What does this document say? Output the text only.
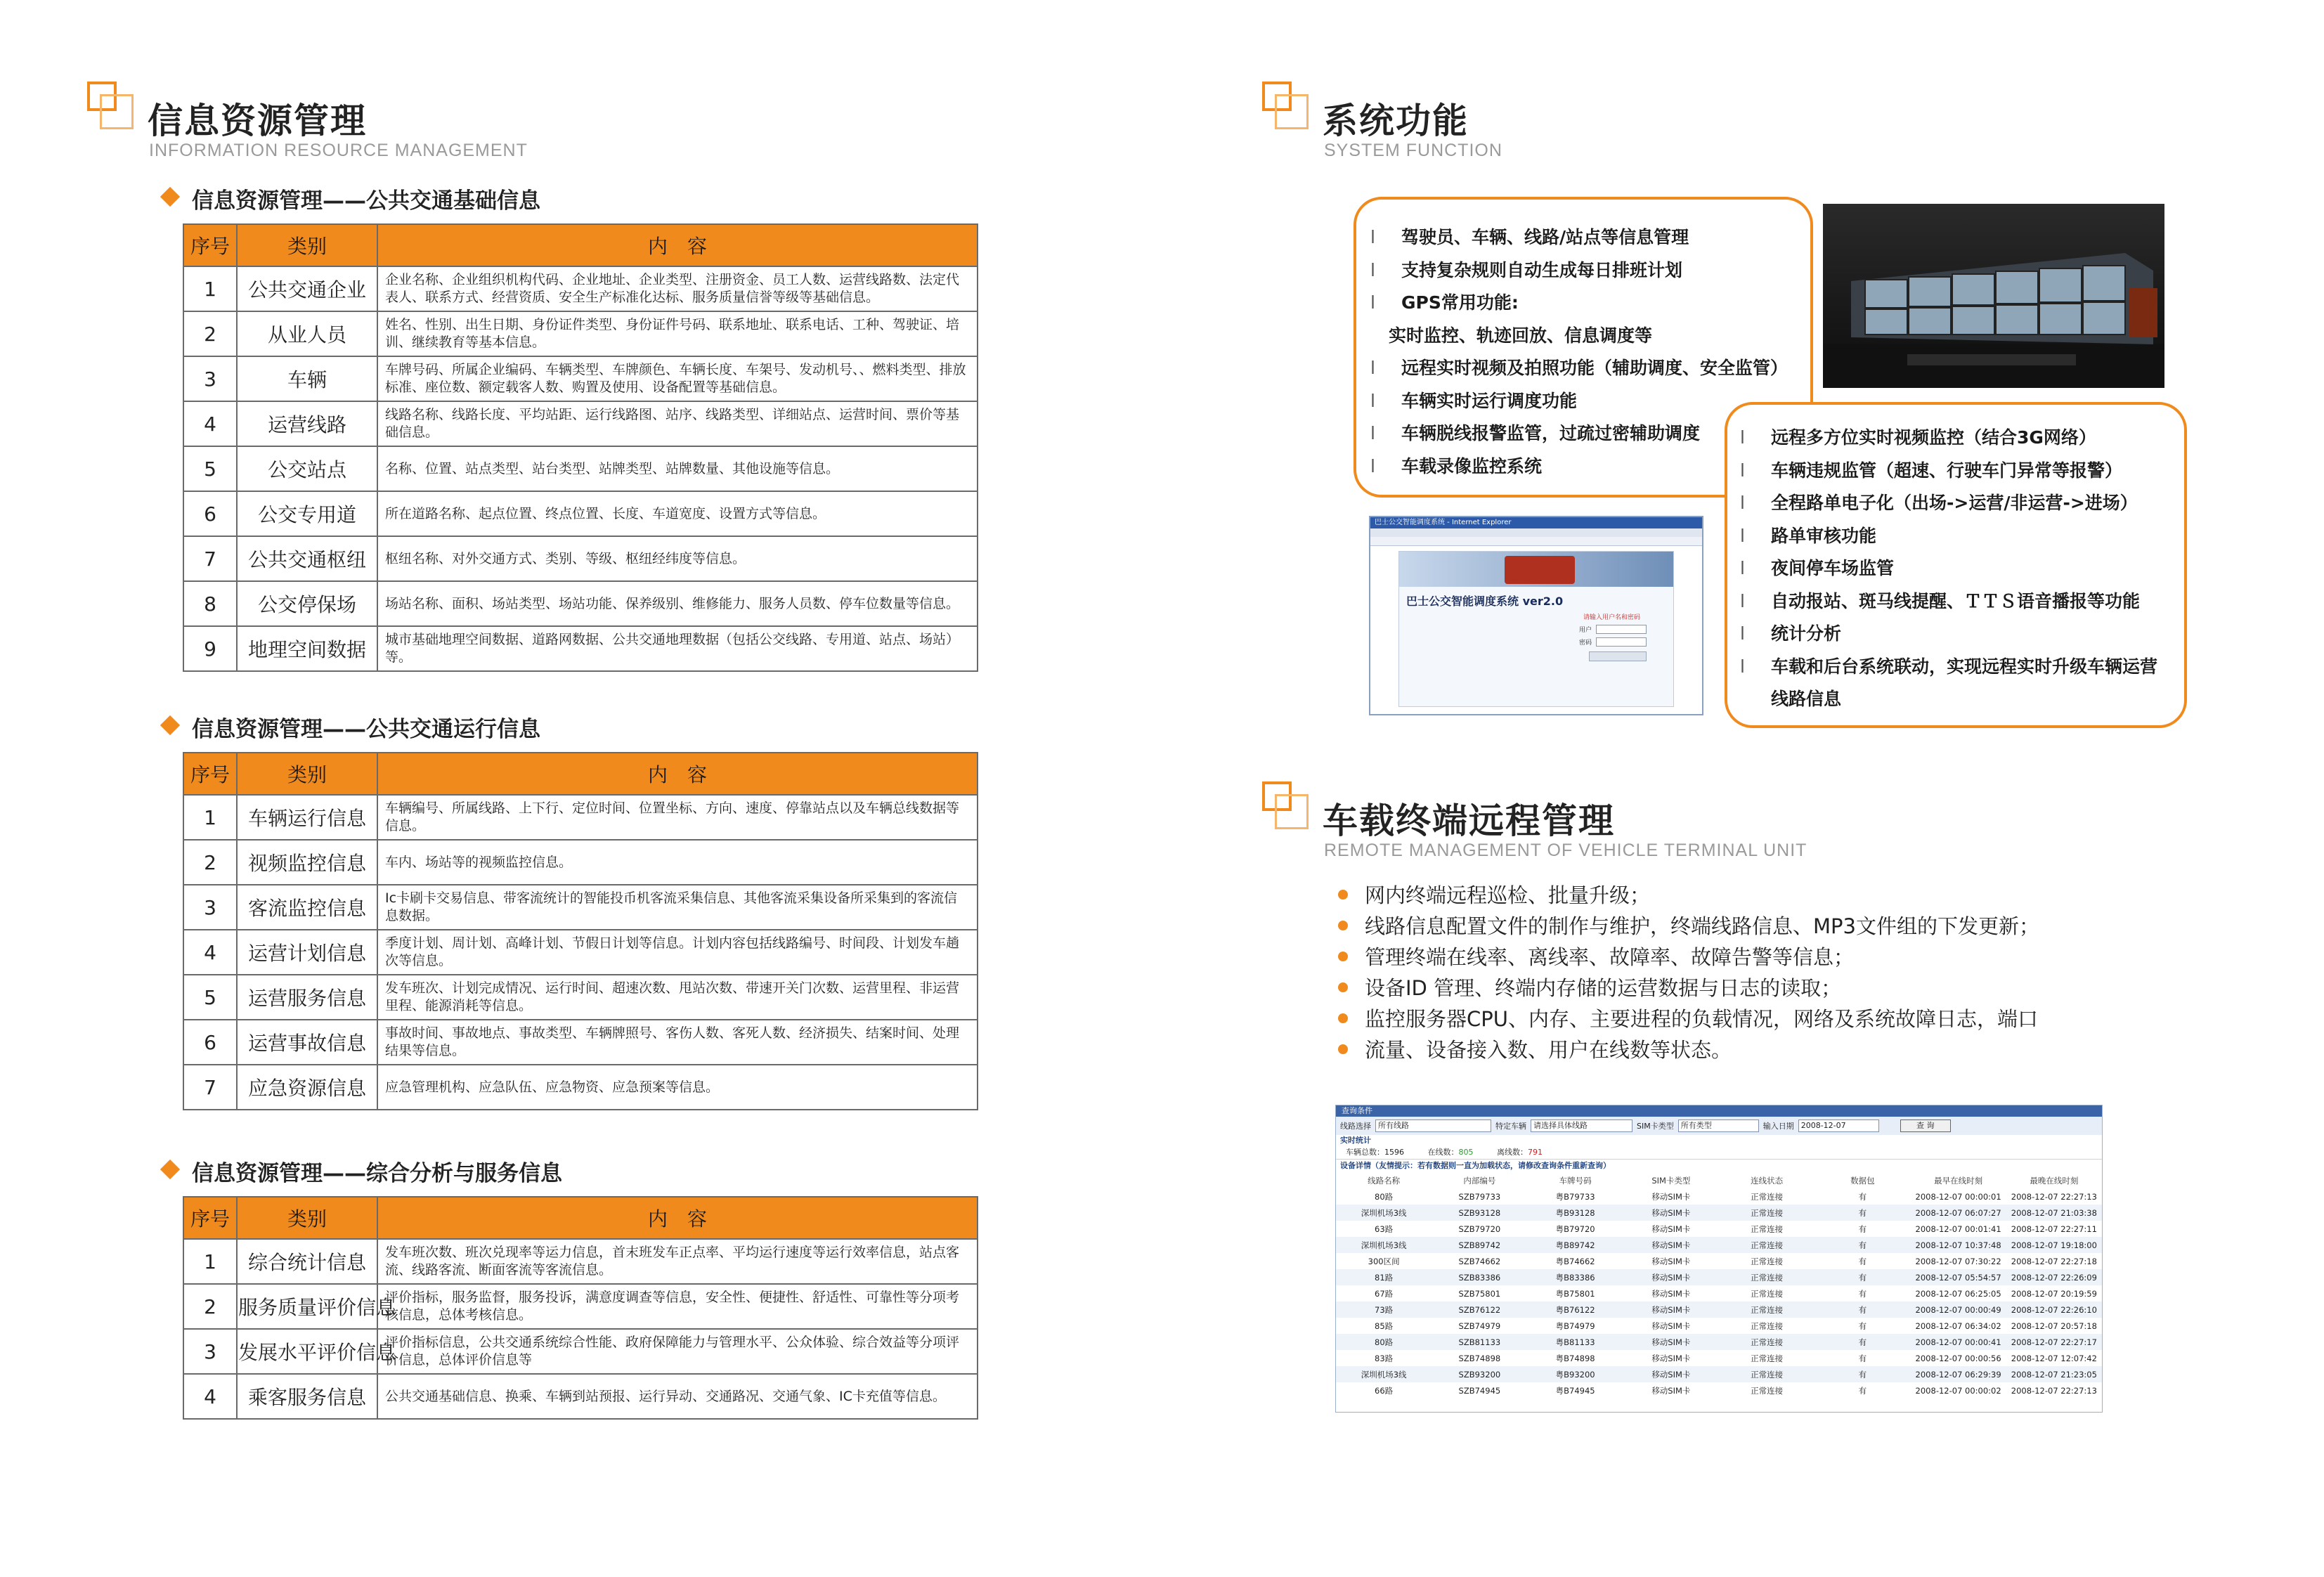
信息资源管理
INFORMATION RESOURCE MANAGEMENT
信息资源管理——公共交通基础信息
序号	类别	内　容
1	公共交通企业	企业名称、企业组织机构代码、企业地址、企业类型、注册资金、员工人数、运营线路数、法定代表人、联系方式、经营资质、安全生产标准化达标、服务质量信誉等级等基础信息。
2	从业人员	姓名、性别、出生日期、身份证件类型、身份证件号码、联系地址、联系电话、工种、驾驶证、培训、继续教育等基本信息。
3	车辆	车牌号码、所属企业编码、车辆类型、车牌颜色、车辆长度、车架号、发动机号、、燃料类型、排放标准、座位数、额定载客人数、购置及使用、设备配置等基础信息。
4	运营线路	线路名称、线路长度、平均站距、运行线路图、站序、线路类型、详细站点、运营时间、票价等基础信息。
5	公交站点	名称、位置、站点类型、站台类型、站牌类型、站牌数量、其他设施等信息。
6	公交专用道	所在道路名称、起点位置、终点位置、长度、车道宽度、设置方式等信息。
7	公共交通枢纽	枢纽名称、对外交通方式、类别、等级、枢纽经纬度等信息。
8	公交停保场	场站名称、面积、场站类型、场站功能、保养级别、维修能力、服务人员数、停车位数量等信息。
9	地理空间数据	城市基础地理空间数据、道路网数据、公共交通地理数据（包括公交线路、专用道、站点、场站）等。
信息资源管理——公共交通运行信息
序号	类别	内　容
1	车辆运行信息	车辆编号、所属线路、上下行、定位时间、位置坐标、方向、速度、停靠站点以及车辆总线数据等信息。
2	视频监控信息	车内、场站等的视频监控信息。
3	客流监控信息	Ic卡刷卡交易信息、带客流统计的智能投币机客流采集信息、其他客流采集设备所采集到的客流信息数据。
4	运营计划信息	季度计划、周计划、高峰计划、节假日计划等信息。计划内容包括线路编号、时间段、计划发车趟次等信息。
5	运营服务信息	发车班次、计划完成情况、运行时间、超速次数、甩站次数、带速开关门次数、运营里程、非运营里程、能源消耗等信息。
6	运营事故信息	事故时间、事故地点、事故类型、车辆牌照号、客伤人数、客死人数、经济损失、结案时间、处理结果等信息。
7	应急资源信息	应急管理机构、应急队伍、应急物资、应急预案等信息。
信息资源管理——综合分析与服务信息
序号	类别	内　容
1	综合统计信息	发车班次数、班次兑现率等运力信息，首末班发车正点率、平均运行速度等运行效率信息，站点客流、线路客流、断面客流等客流信息。
2	服务质量评价信息	评价指标，服务监督，服务投诉，满意度调查等信息，安全性、便捷性、舒适性、可靠性等分项考核信息，总体考核信息。
3	发展水平评价信息	评价指标信息，公共交通系统综合性能、政府保障能力与管理水平、公众体验、综合效益等分项评价信息，总体评价信息等
4	乘客服务信息	公共交通基础信息、换乘、车辆到站预报、运行异动、交通路况、交通气象、IC卡充值等信息。
系统功能
SYSTEM FUNCTION
l 驾驶员、车辆、线路/站点等信息管理
l 支持复杂规则自动生成每日排班计划
l GPS常用功能:
实时监控、轨迹回放、信息调度等
l 远程实时视频及拍照功能（辅助调度、安全监管）
l 车辆实时运行调度功能
l 车辆脱线报警监管，过疏过密辅助调度
l 车载录像监控系统
l 远程多方位实时视频监控（结合3G网络）
l 车辆违规监管（超速、行驶车门异常等报警）
l 全程路单电子化（出场->运营/非运营->进场）
l 路单审核功能
l 夜间停车场监管
l 自动报站、斑马线提醒、ＴＴＳ语音播报等功能
l 统计分析
l 车载和后台系统联动，实现远程实时升级车辆运营
线路信息
巴士公交智能调度系统 - Internet Explorer
巴士公交智能调度系统 ver2.0
请输入用户名和密码
用户
密码
车载终端远程管理
REMOTE MANAGEMENT OF VEHICLE TERMINAL UNIT
网内终端远程巡检、批量升级；
线路信息配置文件的制作与维护，终端线路信息、MP3文件组的下发更新；
管理终端在线率、离线率、故障率、故障告警等信息；
设备ID 管理、终端内存储的运营数据与日志的读取；
监控服务器CPU、内存、主要进程的负载情况，网络及系统故障日志，端口
流量、设备接入数、用户在线数等状态。
查询条件
线路选择 所有线路	特定车辆 请选择具体线路	SIM卡类型 所有类型	输入日期 2008-12-07	查 询
实时统计
车辆总数：1596	在线数：805	离线数：791
设备详情（友情提示：若有数据则一直为加载状态，请修改查询条件重新查询）
线路名称	内部编号	车牌号码	SIM卡类型	连线状态	数据包	最早在线时刻	最晚在线时刻
80路	SZB79733	粤B79733	移动SIM卡	正常连接	有	2008-12-07 00:00:01	2008-12-07 22:27:13
深圳机场3线	SZB93128	粤B93128	移动SIM卡	正常连接	有	2008-12-07 06:07:27	2008-12-07 21:03:38
63路	SZB79720	粤B79720	移动SIM卡	正常连接	有	2008-12-07 00:01:41	2008-12-07 22:27:11
深圳机场3线	SZB89742	粤B89742	移动SIM卡	正常连接	有	2008-12-07 10:37:48	2008-12-07 19:18:00
300区间	SZB74662	粤B74662	移动SIM卡	正常连接	有	2008-12-07 07:30:22	2008-12-07 22:27:18
81路	SZB83386	粤B83386	移动SIM卡	正常连接	有	2008-12-07 05:54:57	2008-12-07 22:26:09
67路	SZB75801	粤B75801	移动SIM卡	正常连接	有	2008-12-07 06:25:05	2008-12-07 20:19:59
73路	SZB76122	粤B76122	移动SIM卡	正常连接	有	2008-12-07 00:00:49	2008-12-07 22:26:10
85路	SZB74979	粤B74979	移动SIM卡	正常连接	有	2008-12-07 06:34:02	2008-12-07 20:57:18
80路	SZB81133	粤B81133	移动SIM卡	正常连接	有	2008-12-07 00:00:41	2008-12-07 22:27:17
83路	SZB74898	粤B74898	移动SIM卡	正常连接	有	2008-12-07 00:00:56	2008-12-07 12:07:42
深圳机场3线	SZB93200	粤B93200	移动SIM卡	正常连接	有	2008-12-07 06:29:39	2008-12-07 21:23:05
66路	SZB74945	粤B74945	移动SIM卡	正常连接	有	2008-12-07 00:00:02	2008-12-07 22:27:13
